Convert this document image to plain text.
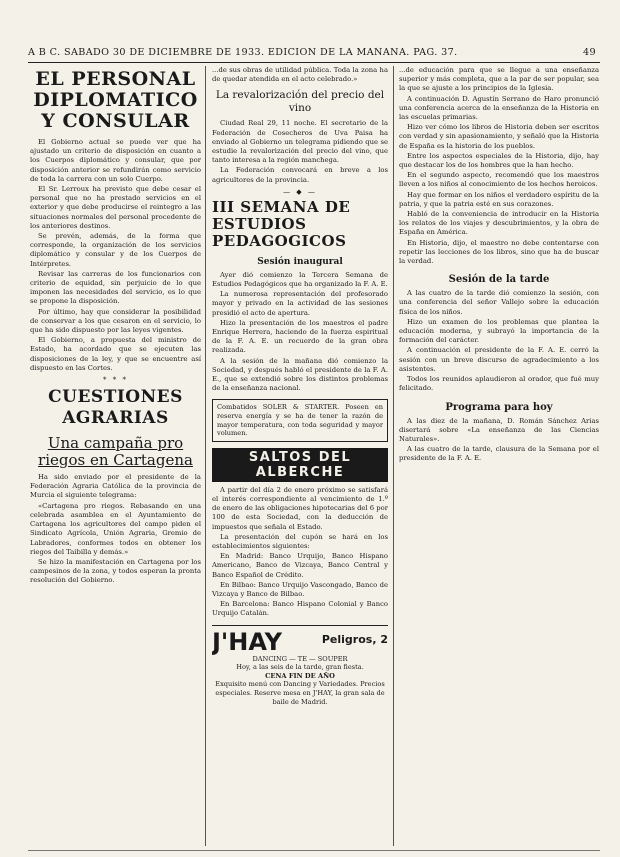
A B C. SABADO 30 DE DICIEMBRE DE 1933. EDICION DE LA MAÑANA. PAG. 37.	49
EL PERSONAL DIPLOMATICO Y CONSULAR

El Gobierno actual se puede ver que ha ajustado un criterio de disposición en cuanto a los Cuerpos diplomático y consular, que por disposición anterior se refundirán como servicio de toda la carrera con un solo Cuerpo.

El Sr. Lerroux ha previsto que debe cesar el personal que no ha prestado servicios en el exterior y que debe producirse el reintegro a las situaciones normales del personal procedente de los anteriores destinos.

Se prevén, además, de la forma que corresponde, la organización de los servicios diplomático y consular y de los Cuerpos de Intérpretes.

Revisar las carreras de los funcionarios con criterio de equidad, sin perjuicio de lo que imponen las necesidades del servicio, es lo que se propone la disposición.

Por último, hay que considerar la posibilidad de conservar a los que cesaron en el servicio, lo que ha sido dispuesto por las leyes vigentes.

El Gobierno, a propuesta del ministro de Estado, ha acordado que se ejecuten las disposiciones de la ley, y que se encuentre así dispuesto en las Cortes.

* * *
CUESTIONES AGRARIAS
Una campaña pro riegos en Cartagena

Ha sido enviado por el presidente de la Federación Agraria Católica de la provincia de Murcia el siguiente telegrama:

«Cartagena pro riegos. Rebasando en una celebrada asamblea en el Ayuntamiento de Cartagena los agricultores del campo piden el Sindicato Agrícola, Unión Agraria, Gremio de Labradores, conformes todos en obtener los riegos del Taibilla y demás.»

Se hizo la manifestación en Cartagena por los campesinos de la zona, y todos esperan la pronta resolución del Gobierno.

...de sus obras de utilidad pública. Toda la zona ha de quedar atendida en el acto celebrado.»

La revalorización del precio del vino

Ciudad Real 29, 11 noche. El secretario de la Federación de Cosecheros de Uva Paisa ha enviado al Gobierno un telegrama pidiendo que se estudie la revalorización del precio del vino, que tanto interesa a la región manchega.

La Federación convocará en breve a los agricultores de la provincia.

— ◆ —
III SEMANA DE ESTUDIOS PEDAGOGICOS
Sesión inaugural

Ayer dió comienzo la Tercera Semana de Estudios Pedagógicos que ha organizado la F. A. E.

La numerosa representación del profesorado mayor y privado en la actividad de las sesiones presidió el acto de apertura.

Hizo la presentación de los maestros el padre Enrique Herrera, haciendo de la fuerza espiritual de la F. A. E. un recuerdo de la gran obra realizada.

A la sesión de la mañana dió comienzo la Sociedad, y después habló el presidente de la F. A. E., que se extendió sobre los distintos problemas de la enseñanza nacional.

Combatidos SOLER & STARTER. Poseen en reserva energía y se ha de tener la razón de mayor temperatura, con toda seguridad y mayor volumen.
SALTOS DEL ALBERCHE

A partir del día 2 de enero próximo se satisfará el interés correspondiente al vencimiento de 1.º de enero de las obligaciones hipotecarias del 6 por 100 de esta Sociedad, con la deducción de impuestos que señala el Estado.

La presentación del cupón se hará en los establecimientos siguientes:

En Madrid: Banco Urquijo, Banco Hispano Americano, Banco de Vizcaya, Banco Central y Banco Español de Crédito.

En Bilbao: Banco Urquijo Vascongado, Banco de Vizcaya y Banco de Bilbao.

En Barcelona: Banco Hispano Colonial y Banco Urquijo Catalán.

J'HAY	Peligros, 2
DANCING — TE — SOUPER
Hoy, a las seis de la tarde, gran fiesta.
CENA FIN DE AÑO
Exquisito menú con Dancing y Variedades. Precios especiales. Reserve mesa en J'HAY, la gran sala de baile de Madrid.

...de educación para que se llegue a una enseñanza superior y más completa, que a la par de ser popular, sea la que se ajuste a los principios de la Iglesia.

A continuación D. Agustín Serrano de Haro pronunció una conferencia acerca de la enseñanza de la Historia en las escuelas primarias.

Hizo ver cómo los libros de Historia deben ser escritos con verdad y sin apasionamiento, y señaló que la Historia de España es la historia de los pueblos.

Entre los aspectos especiales de la Historia, dijo, hay que destacar los de los hombres que la han hecho.

En el segundo aspecto, recomendó que los maestros lleven a los niños al conocimiento de los hechos heroicos.

Hay que formar en los niños el verdadero espíritu de la patria, y que la patria esté en sus corazones.

Habló de la conveniencia de introducir en la Historia los relatos de los viajes y descubrimientos, y la obra de España en América.

En Historia, dijo, el maestro no debe contentarse con repetir las lecciones de los libros, sino que ha de buscar la verdad.

Sesión de la tarde

A las cuatro de la tarde dió comienzo la sesión, con una conferencia del señor Vallejo sobre la educación física de los niños.

Hizo un examen de los problemas que plantea la educación moderna, y subrayó la importancia de la formación del carácter.

A continuación el presidente de la F. A. E. cerró la sesión con un breve discurso de agradecimiento a los asistentes.

Todos los reunidos aplaudieron al orador, que fué muy felicitado.

Programa para hoy

A las diez de la mañana, D. Román Sánchez Arias disertará sobre «La enseñanza de las Ciencias Naturales».

A las cuatro de la tarde, clausura de la Semana por el presidente de la F. A. E.
